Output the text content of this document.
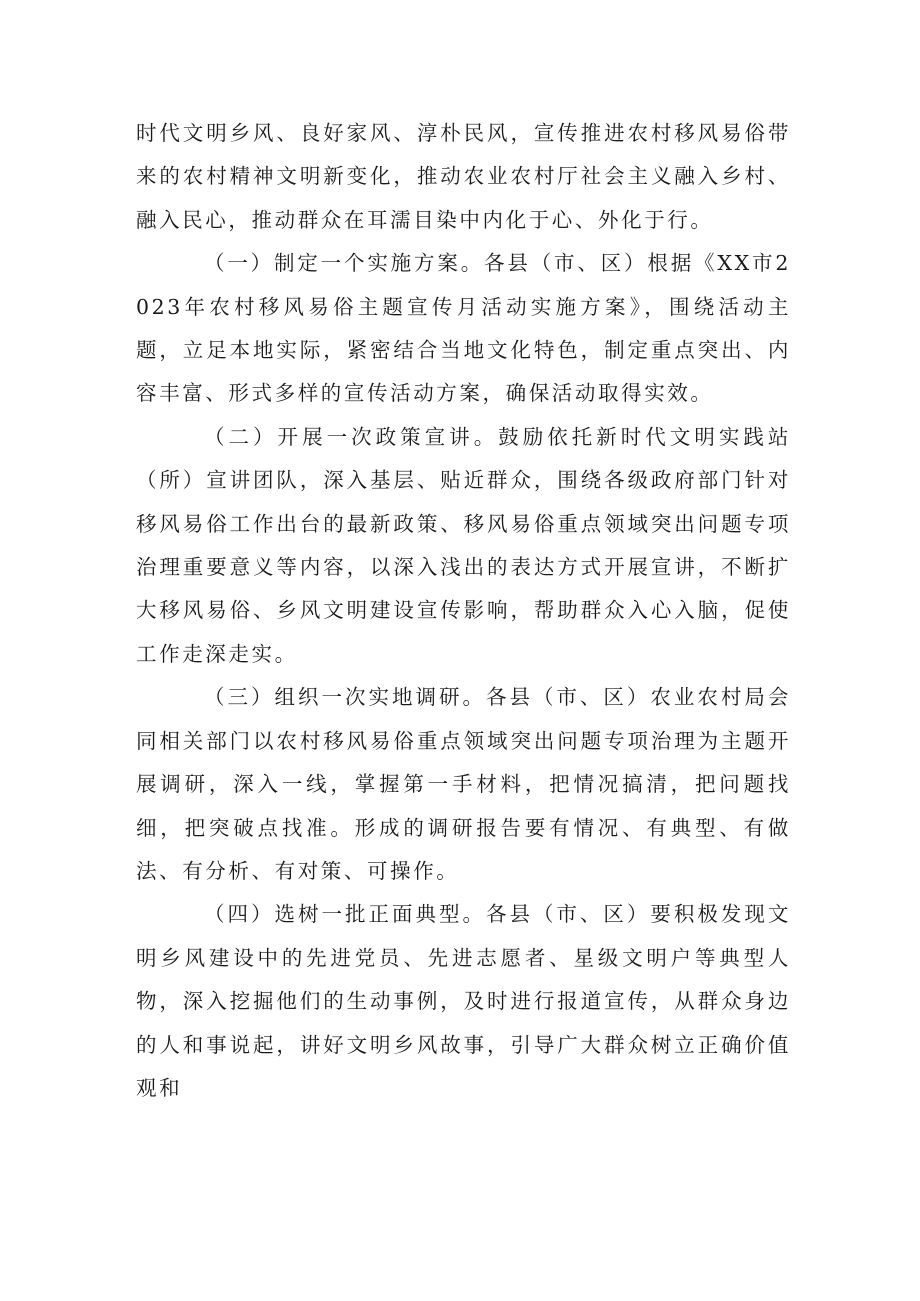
时代文明乡风、良好家风、淳朴民风，宣传推进农村移风易俗带来的农村精神文明新变化，推动农业农村厅社会主义融入乡村、融入民心，推动群众在耳濡目染中内化于心、外化于行。

（一）制定一个实施方案。各县（市、区）根据《XX市2023年农村移风易俗主题宣传月活动实施方案》，围绕活动主题，立足本地实际，紧密结合当地文化特色，制定重点突出、内容丰富、形式多样的宣传活动方案，确保活动取得实效。

（二）开展一次政策宣讲。鼓励依托新时代文明实践站（所）宣讲团队，深入基层、贴近群众，围绕各级政府部门针对移风易俗工作出台的最新政策、移风易俗重点领域突出问题专项治理重要意义等内容，以深入浅出的表达方式开展宣讲，不断扩大移风易俗、乡风文明建设宣传影响，帮助群众入心入脑，促使工作走深走实。

（三）组织一次实地调研。各县（市、区）农业农村局会同相关部门以农村移风易俗重点领域突出问题专项治理为主题开展调研，深入一线，掌握第一手材料，把情况搞清，把问题找细，把突破点找准。形成的调研报告要有情况、有典型、有做法、有分析、有对策、可操作。

（四）选树一批正面典型。各县（市、区）要积极发现文明乡风建设中的先进党员、先进志愿者、星级文明户等典型人物，深入挖掘他们的生动事例，及时进行报道宣传，从群众身边的人和事说起，讲好文明乡风故事，引导广大群众树立正确价值观和
